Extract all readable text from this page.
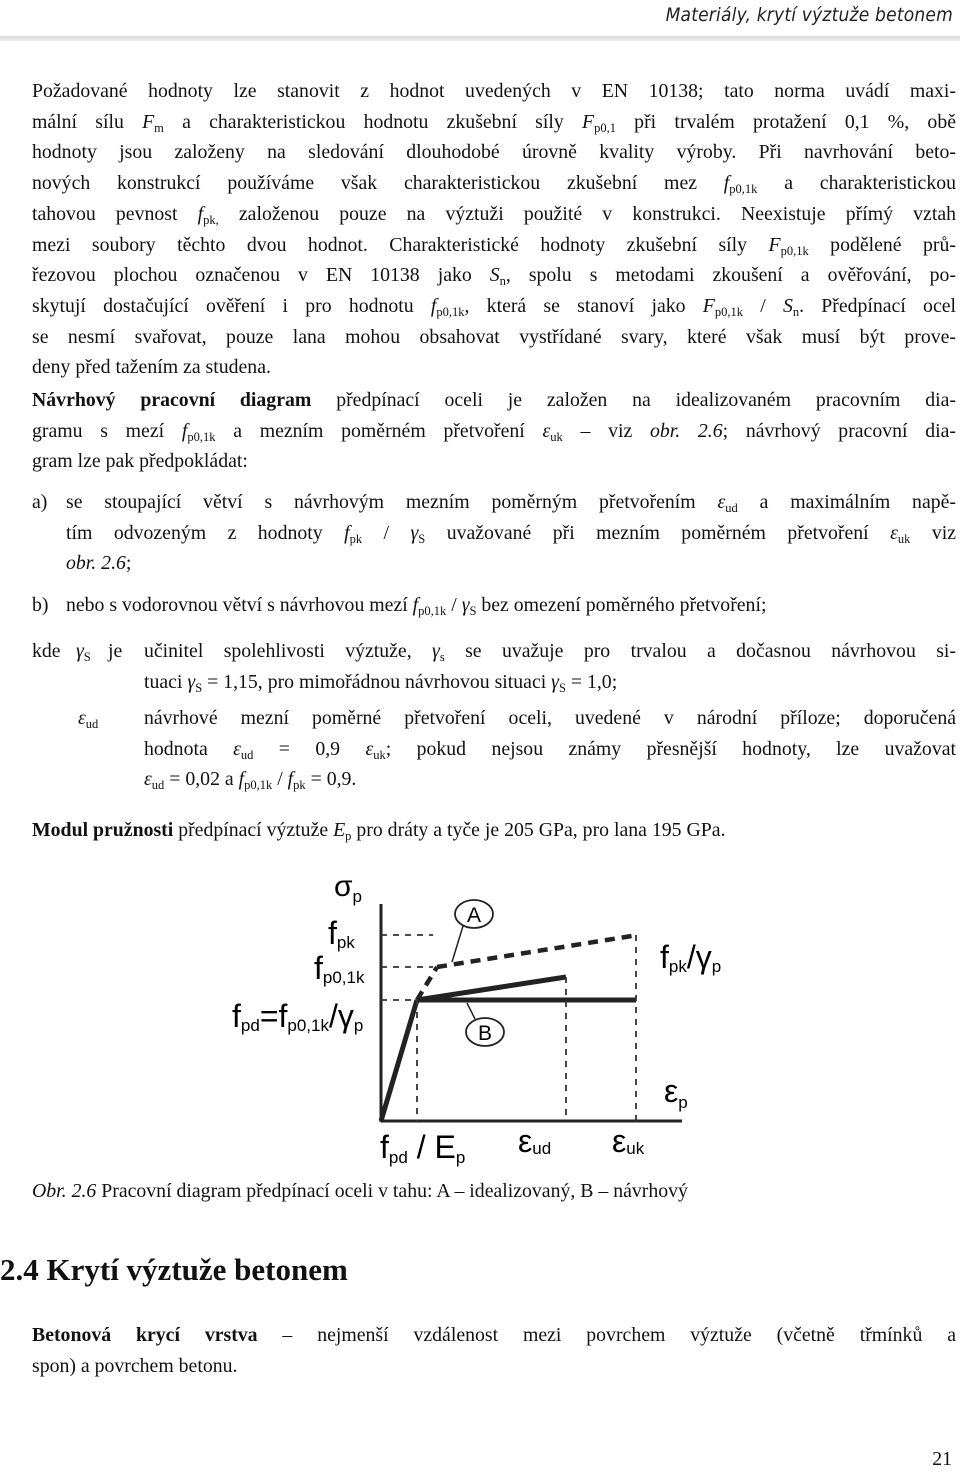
Materiály, krytí výztuže betonem
Požadované hodnoty lze stanovit z hodnot uvedených v EN 10138; tato norma uvádí maxi-
mální sílu $F_m$ a charakteristickou hodnotu zkušební síly $F_{p0,1}$ při trvalém protažení 0,1 %, obě
hodnoty jsou založeny na sledování dlouhodobé úrovně kvality výroby. Při navrhování beto-
nových konstrukcí používáme však charakteristickou zkušební mez $f_{p0,1k}$ a charakteristickou
tahovou pevnost $f_{pk,}$ založenou pouze na výztuži použité v konstrukci. Neexistuje přímý vztah
mezi soubory těchto dvou hodnot. Charakteristické hodnoty zkušební síly $F_{p0,1k}$ podělené prů-
řezovou plochou označenou v EN 10138 jako $S_n$, spolu s metodami zkoušení a ověřování, po-
skytují dostačující ověření i pro hodnotu $f_{p0,1k}$, která se stanoví jako $F_{p0,1k} / S_n$. Předpínací ocel
se nesmí svařovat, pouze lana mohou obsahovat vystřídané svary, které však musí být prove-
deny před tažením za studena.
Návrhový pracovní diagram předpínací oceli je založen na idealizovaném pracovním dia-
gramu s mezí $f_{p0,1k}$ a mezním poměrném přetvoření $\varepsilon_{uk}$ – viz obr. 2.6; návrhový pracovní dia-
gram lze pak předpokládat:
a) se stoupající větví s návrhovým mezním poměrným přetvořením $\varepsilon_{ud}$ a maximálním napě-
tím odvozeným z hodnoty $f_{pk} / \gamma_S$ uvažované při mezním poměrném přetvoření $\varepsilon_{uk}$ viz
obr. 2.6;
b) nebo s vodorovnou větví s návrhovou mezí $f_{p0,1k} / \gamma_S$ bez omezení poměrného přetvoření;
kde $\gamma_S$ je učinitel spolehlivosti výztuže, $\gamma_s$ se uvažuje pro trvalou a dočasnou návrhovou si-
tuaci $\gamma_S = 1,15$, pro mimořádnou návrhovou situaci $\gamma_S = 1,0$;
$\varepsilon_{ud}$ návrhové mezní poměrné přetvoření oceli, uvedené v národní příloze; doporučená
hodnota $\varepsilon_{ud} = 0,9$ $\varepsilon_{uk}$; pokud nejsou známy přesnější hodnoty, lze uvažovat
$\varepsilon_{ud} = 0,02$ a $f_{p0,1k} / f_{pk} = 0,9$.
Modul pružnosti předpínací výztuže $E_p$ pro dráty a tyče je 205 GPa, pro lana 195 GPa.
A
B
$\sigma_p$
fpk
fp0,1k
fpd=fp0,1k/γp
fpk/γp
εp
fpd / Ep εud εuk
Obr. 2.6 Pracovní diagram předpínací oceli v tahu: A – idealizovaný, B – návrhový
2.4 Krytí výztuže betonem
Betonová krycí vrstva – nejmenší vzdálenost mezi povrchem výztuže (včetně třmínků a
spon) a povrchem betonu.
21
